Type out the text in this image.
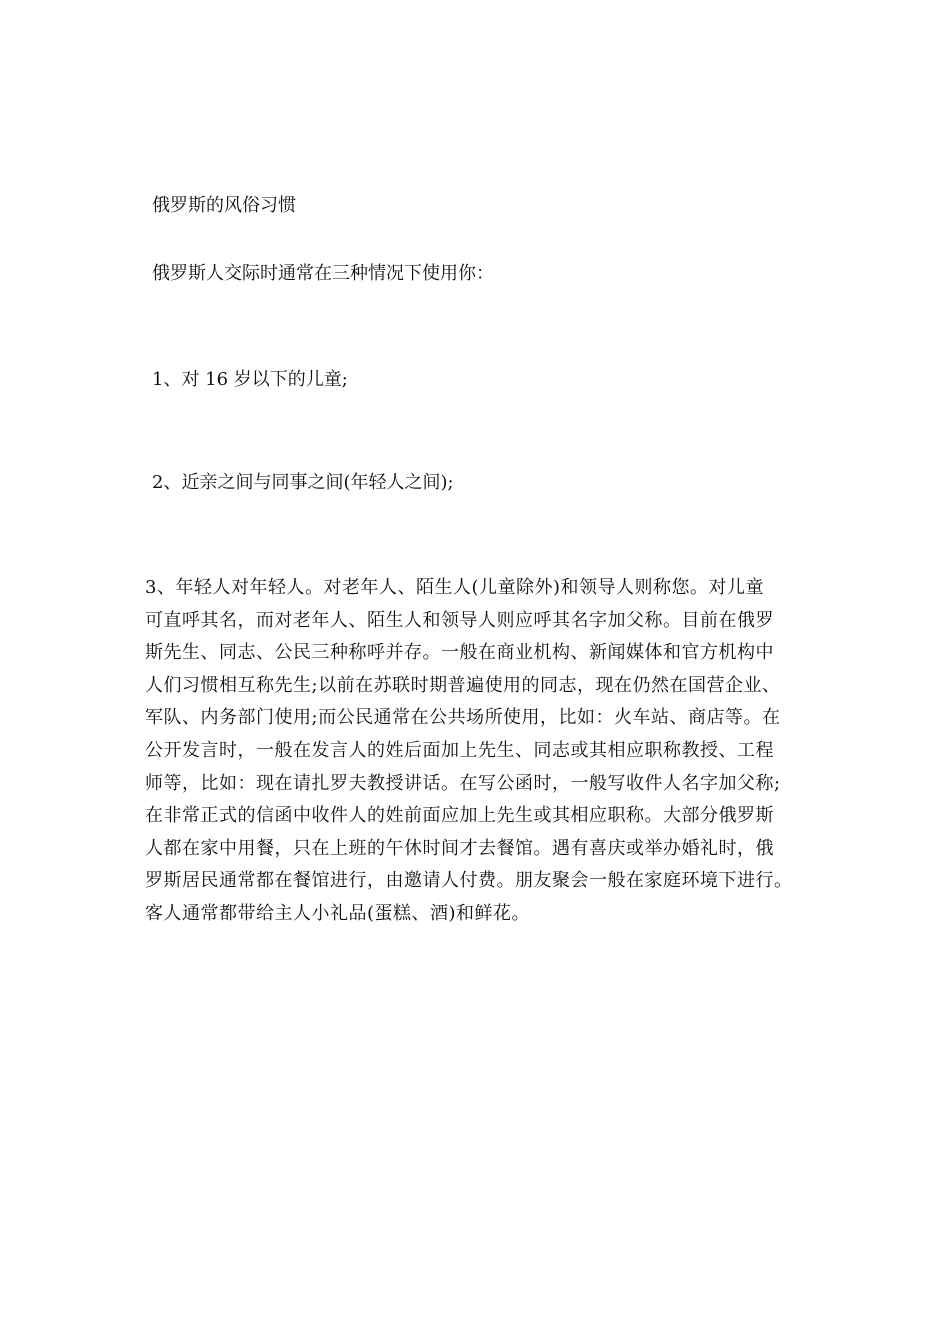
俄罗斯的风俗习惯
俄罗斯人交际时通常在三种情况下使用你：
1、对 16 岁以下的儿童;
2、近亲之间与同事之间(年轻人之间);
3、年轻人对年轻人。对老年人、陌生人(儿童除外)和领导人则称您。对儿童
可直呼其名，而对老年人、陌生人和领导人则应呼其名字加父称。目前在俄罗
斯先生、同志、公民三种称呼并存。一般在商业机构、新闻媒体和官方机构中
人们习惯相互称先生;以前在苏联时期普遍使用的同志，现在仍然在国营企业、
军队、内务部门使用;而公民通常在公共场所使用，比如：火车站、商店等。在
公开发言时，一般在发言人的姓后面加上先生、同志或其相应职称教授、工程
师等，比如：现在请扎罗夫教授讲话。在写公函时，一般写收件人名字加父称;
在非常正式的信函中收件人的姓前面应加上先生或其相应职称。大部分俄罗斯
人都在家中用餐，只在上班的午休时间才去餐馆。遇有喜庆或举办婚礼时，俄
罗斯居民通常都在餐馆进行，由邀请人付费。朋友聚会一般在家庭环境下进行。
客人通常都带给主人小礼品(蛋糕、酒)和鲜花。
